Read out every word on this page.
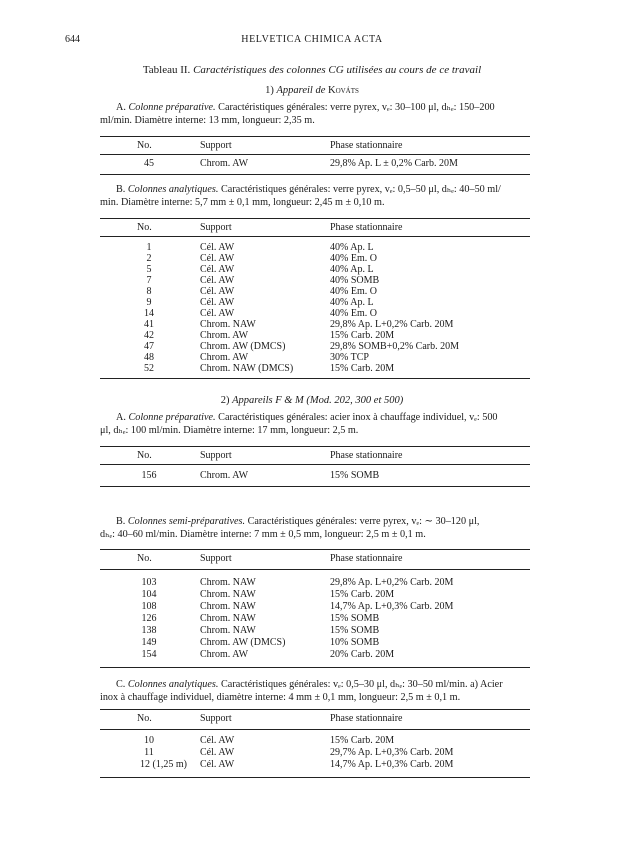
644	HELVETICA CHIMICA ACTA
Tableau II. Caractéristiques des colonnes CG utilisées au cours de ce travail
1) Appareil de Kováts
A. Colonne préparative. Caractéristiques générales: verre pyrex, vₑ: 30–100 μl, dₕₑ: 150–200
ml/min. Diamètre interne: 13 mm, longueur: 2,35 m.
No.	Support	Phase stationnaire
45	Chrom. AW	29,8% Ap. L ± 0,2% Carb. 20M
B. Colonnes analytiques. Caractéristiques générales: verre pyrex, vₑ: 0,5–50 μl, dₕₑ: 40–50 ml/
min. Diamètre interne: 5,7 mm ± 0,1 mm, longueur: 2,45 m ± 0,10 m.
No.	Support	Phase stationnaire
1	Cél. AW	40% Ap. L
2	Cél. AW	40% Em. O
5	Cél. AW	40% Ap. L
7	Cél. AW	40% SOMB
8	Cél. AW	40% Em. O
9	Cél. AW	40% Ap. L
14	Cél. AW	40% Em. O
41	Chrom. NAW	29,8% Ap. L+0,2% Carb. 20M
42	Chrom. AW	15% Carb. 20M
47	Chrom. AW (DMCS)	29,8% SOMB+0,2% Carb. 20M
48	Chrom. AW	30% TCP
52	Chrom. NAW (DMCS)	15% Carb. 20M
2) Appareils F & M (Mod. 202, 300 et 500)
A. Colonne préparative. Caractéristiques générales: acier inox à chauffage individuel, vₑ: 500
μl, dₕₑ: 100 ml/min. Diamètre interne: 17 mm, longueur: 2,5 m.
No.	Support	Phase stationnaire
156	Chrom. AW	15% SOMB
B. Colonnes semi-préparatives. Caractéristiques générales: verre pyrex, vₑ: ∼ 30–120 μl,
dₕₑ: 40–60 ml/min. Diamètre interne: 7 mm ± 0,5 mm, longueur: 2,5 m ± 0,1 m.
No.	Support	Phase stationnaire
103	Chrom. NAW	29,8% Ap. L+0,2% Carb. 20M
104	Chrom. NAW	15% Carb. 20M
108	Chrom. NAW	14,7% Ap. L+0,3% Carb. 20M
126	Chrom. NAW	15% SOMB
138	Chrom. NAW	15% SOMB
149	Chrom. AW (DMCS)	10% SOMB
154	Chrom. AW	20% Carb. 20M
C. Colonnes analytiques. Caractéristiques générales: vₑ: 0,5–30 μl, dₕₑ: 30–50 ml/min. a) Acier
inox à chauffage individuel, diamètre interne: 4 mm ± 0,1 mm, longueur: 2,5 m ± 0,1 m.
No.	Support	Phase stationnaire
10	Cél. AW	15% Carb. 20M
11	Cél. AW	29,7% Ap. L+0,3% Carb. 20M
12 (1,25 m) Cél. AW	14,7% Ap. L+0,3% Carb. 20M
